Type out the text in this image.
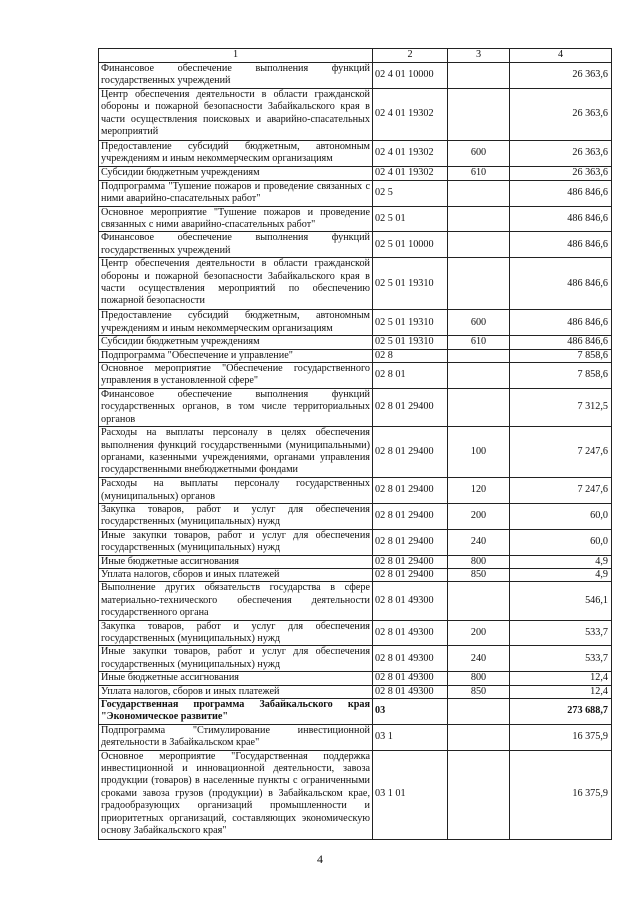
1	2	3	4
Финансовое обеспечение выполнения функций государственных учреждений	02 4 01 10000		26 363,6
Центр обеспечения деятельности в области гражданской обороны и пожарной безопасности Забайкальского края в части осуществления поисковых и аварийно-спасательных мероприятий	02 4 01 19302		26 363,6
Предоставление субсидий бюджетным, автономным учреждениям и иным некоммерческим организациям	02 4 01 19302	600	26 363,6
Субсидии бюджетным учреждениям	02 4 01 19302	610	26 363,6
Подпрограмма "Тушение пожаров и проведение связанных с ними аварийно-спасательных работ"	02 5		486 846,6
Основное мероприятие "Тушение пожаров и проведение связанных с ними аварийно-спасательных работ"	02 5 01		486 846,6
Финансовое обеспечение выполнения функций государственных учреждений	02 5 01 10000		486 846,6
Центр обеспечения деятельности в области гражданской обороны и пожарной безопасности Забайкальского края в части осуществления мероприятий по обеспечению пожарной безопасности	02 5 01 19310		486 846,6
Предоставление субсидий бюджетным, автономным учреждениям и иным некоммерческим организациям	02 5 01 19310	600	486 846,6
Субсидии бюджетным учреждениям	02 5 01 19310	610	486 846,6
Подпрограмма "Обеспечение и управление"	02 8		7 858,6
Основное мероприятие "Обеспечение государственного управления в установленной сфере"	02 8 01		7 858,6
Финансовое обеспечение выполнения функций государственных органов, в том числе территориальных органов	02 8 01 29400		7 312,5
Расходы на выплаты персоналу в целях обеспечения выполнения функций государственными (муниципальными) органами, казенными учреждениями, органами управления государственными внебюджетными фондами	02 8 01 29400	100	7 247,6
Расходы на выплаты персоналу государственных (муниципальных) органов	02 8 01 29400	120	7 247,6
Закупка товаров, работ и услуг для обеспечения государственных (муниципальных) нужд	02 8 01 29400	200	60,0
Иные закупки товаров, работ и услуг для обеспечения государственных (муниципальных) нужд	02 8 01 29400	240	60,0
Иные бюджетные ассигнования	02 8 01 29400	800	4,9
Уплата налогов, сборов и иных платежей	02 8 01 29400	850	4,9
Выполнение других обязательств государства в сфере материально-технического обеспечения деятельности государственного органа	02 8 01 49300		546,1
Закупка товаров, работ и услуг для обеспечения государственных (муниципальных) нужд	02 8 01 49300	200	533,7
Иные закупки товаров, работ и услуг для обеспечения государственных (муниципальных) нужд	02 8 01 49300	240	533,7
Иные бюджетные ассигнования	02 8 01 49300	800	12,4
Уплата налогов, сборов и иных платежей	02 8 01 49300	850	12,4
Государственная программа Забайкальского края "Экономическое развитие"	03		273 688,7
Подпрограмма "Стимулирование инвестиционной деятельности в Забайкальском крае"	03 1		16 375,9
Основное мероприятие "Государственная поддержка инвестиционной и инновационной деятельности, завоза продукции (товаров) в населенные пункты с ограниченными сроками завоза грузов (продукции) в Забайкальском крае, градообразующих организаций промышленности и приоритетных организаций, составляющих экономическую основу Забайкальского края"	03 1 01		16 375,9
4
